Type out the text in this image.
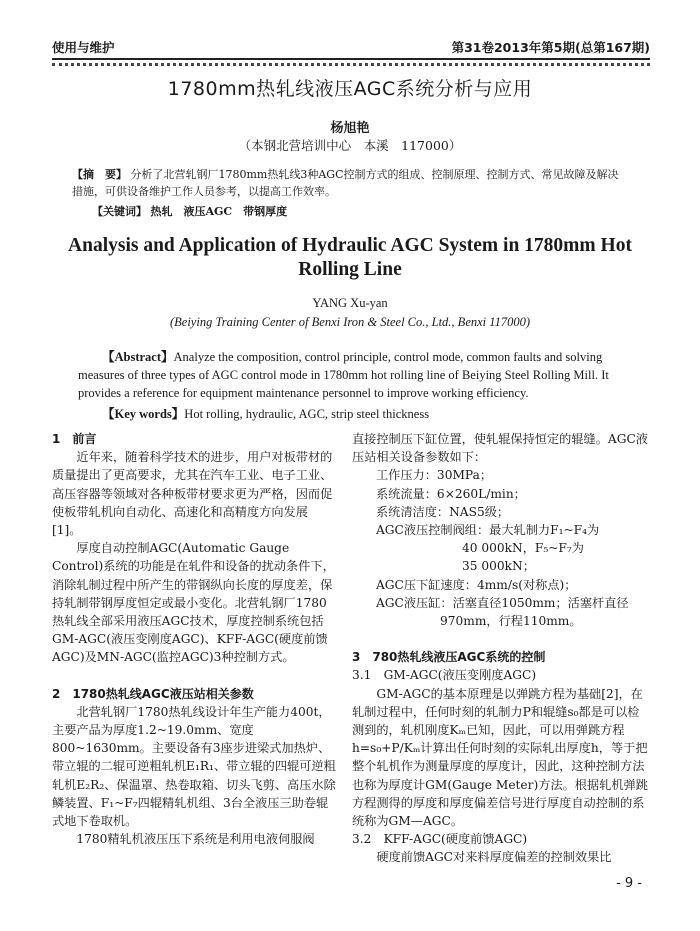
使用与维护	第31卷2013年第5期(总第167期)
1780mm热轧线液压AGC系统分析与应用
杨旭艳
（本钢北营培训中心　本溪　117000）
【摘　要】 分析了北营轧钢厂1780mm热轧线3种AGC控制方式的组成、控制原理、控制方式、常见故障及解决措施，可供设备维护工作人员参考，以提高工作效率。
【关键词】 热轧　液压AGC　带钢厚度
Analysis and Application of Hydraulic AGC System in 1780mm Hot Rolling Line
YANG Xu-yan
(Beiying Training Center of Benxi Iron & Steel Co., Ltd., Benxi 117000)
【Abstract】Analyze the composition, control principle, control mode, common faults and solving measures of three types of AGC control mode in 1780mm hot rolling line of Beiying Steel Rolling Mill. It provides a reference for equipment maintenance personnel to improve working efficiency.
【Key words】Hot rolling, hydraulic, AGC, strip steel thickness

1　前言

近年来，随着科学技术的进步，用户对板带材的质量提出了更高要求，尤其在汽车工业、电子工业、高压容器等领域对各种板带材要求更为严格，因而促使板带轧机向自动化、高速化和高精度方向发展[1]。

厚度自动控制AGC(Automatic Gauge Control)系统的功能是在轧件和设备的扰动条件下，消除轧制过程中所产生的带钢纵向长度的厚度差，保持轧制带钢厚度恒定或最小变化。北营轧钢厂1780热轧线全部采用液压AGC技术，厚度控制系统包括GM-AGC(液压变刚度AGC)、KFF-AGC(硬度前馈AGC)及MN-AGC(监控AGC)3种控制方式。

2　1780热轧线AGC液压站相关参数

北营轧钢厂1780热轧线设计年生产能力400t，主要产品为厚度1.2~19.0mm、宽度800~1630mm。主要设备有3座步进梁式加热炉、带立辊的二辊可逆粗轧机E₁R₁、带立辊的四辊可逆粗轧机E₂R₂、保温罩、热卷取箱、切头飞剪、高压水除鳞装置、F₁~F₇四辊精轧机组、3台全液压三助卷辊式地下卷取机。

1780精轧机液压压下系统是利用电液伺服阀

直接控制压下缸位置，使轧辊保持恒定的辊缝。AGC液压站相关设备参数如下：

工作压力：30MPa；

系统流量：6×260L/min；

系统清洁度：NAS5级；

AGC液压控制阀组：最大轧制力F₁~F₄为

40 000kN，F₅~F₇为

35 000kN；

AGC压下缸速度：4mm/s(对称点)；

AGC液压缸：活塞直径1050mm；活塞杆直径

970mm，行程110mm。

3　780热轧线液压AGC系统的控制

3.1　GM-AGC(液压变刚度AGC)

GM-AGC的基本原理是以弹跳方程为基础[2]，在轧制过程中，任何时刻的轧制力P和辊缝s₀都是可以检测到的，轧机刚度Kₘ已知，因此，可以用弹跳方程h=s₀+P/Kₘ计算出任何时刻的实际轧出厚度h，等于把整个轧机作为测量厚度的厚度计，因此，这种控制方法也称为厚度计GM(Gauge Meter)方法。根据轧机弹跳方程测得的厚度和厚度偏差信号进行厚度自动控制的系统称为GM—AGC。

3.2　KFF-AGC(硬度前馈AGC)

硬度前馈AGC对来料厚度偏差的控制效果比

- 9 -
